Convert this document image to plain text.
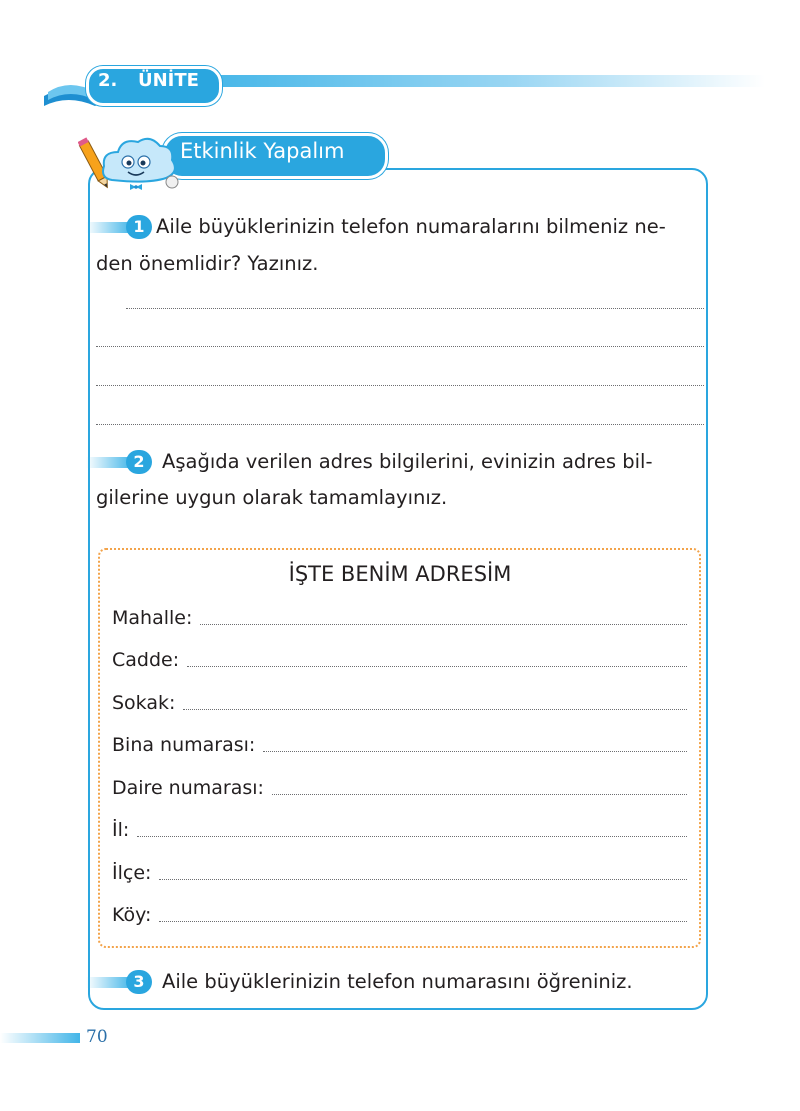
2. ÜNİTE
Etkinlik Yapalım
1 Aile büyüklerinizin telefon numaralarını bilmeniz ne-
den önemlidir? Yazınız.
2 Aşağıda verilen adres bilgilerini, evinizin adres bil-
gilerine uygun olarak tamamlayınız.
İŞTE BENİM ADRESİM
Mahalle:
Cadde:
Sokak:
Bina numarası:
Daire numarası:
İl:
İlçe:
Köy:
3 Aile büyüklerinizin telefon numarasını öğreniniz.
70
